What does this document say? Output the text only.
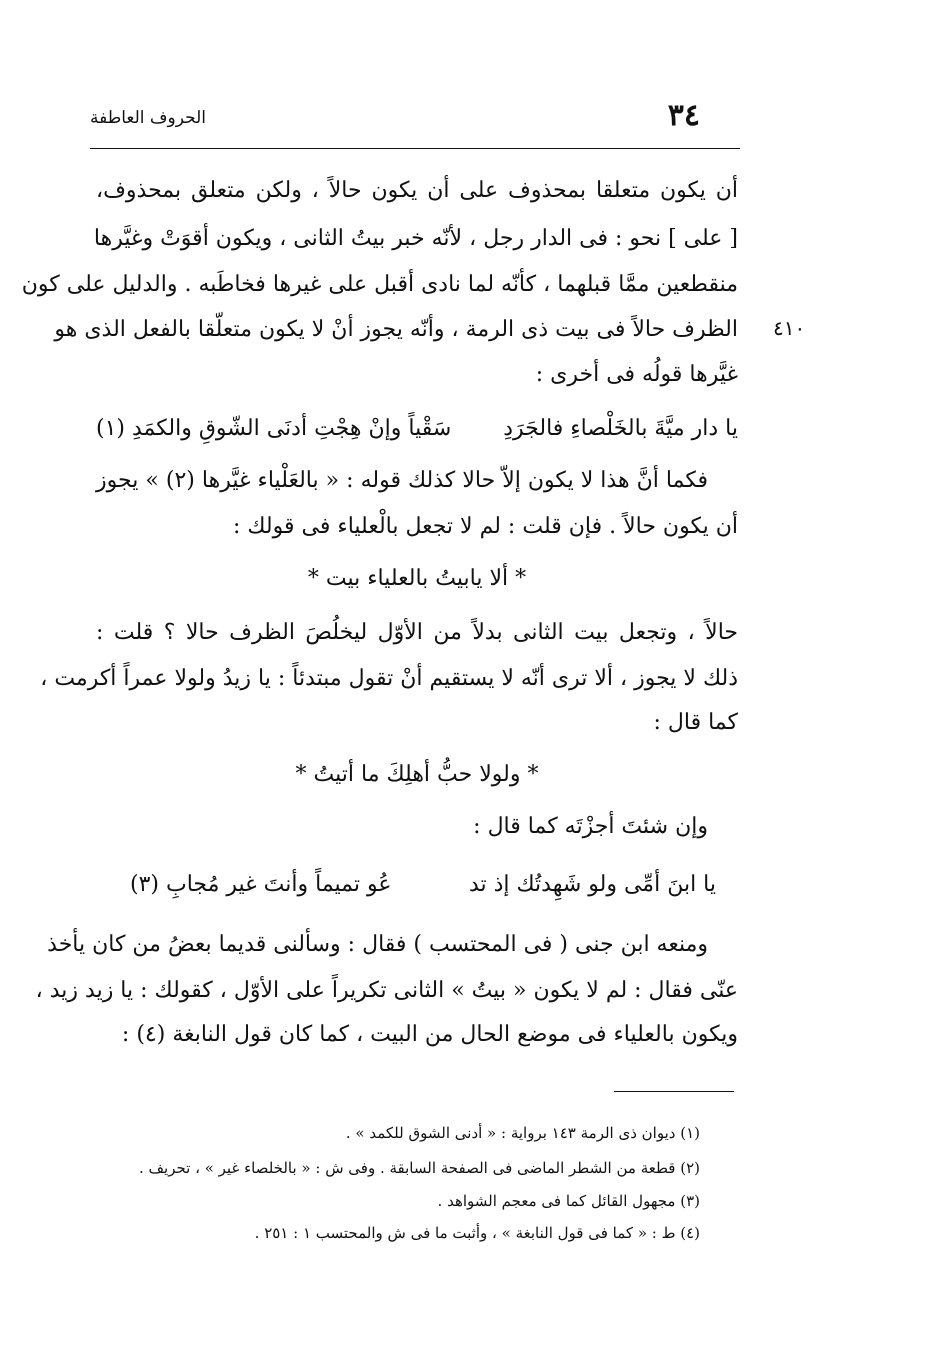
٣٤
الحروف العاطفة
٤١٠
أن يكون متعلقا بمحذوف على أن يكون حالاً ، ولكن متعلق بمحذوف،
[ على ] نحو : فى الدار رجل ، لأنّه خبر بيتُ الثانى ، ويكون أقوَتْ وغيَّرها
منقطعين ممَّا قبلهما ، كأنّه لما نادى أقبل على غيرها فخاطَبه . والدليل على كون
الظرف حالاً فى بيت ذى الرمة ، وأنّه يجوز أنْ لا يكون متعلّقا بالفعل الذى هو
غيَّرها قولُه فى أخرى :
يا دار ميَّةَ بالخَلْصاءِ فالجَرَدِ
سَقْياً وإنْ هِجْتِ أدنَى الشّوقِ والكمَدِ (١)
فكما أنَّ هذا لا يكون إلاّ حالا كذلك قوله : « بالعَلْياء غيَّرها (٢) » يجوز
أن يكون حالاً . فإن قلت : لم لا تجعل بالْعلياء فى قولك :
* ألا يابيتُ بالعلياء بيت *
حالاً ، وتجعل بيت الثانى بدلاً من الأوّل ليخلُصَ الظرف حالا ؟ قلت :
ذلك لا يجوز ، ألا ترى أنّه لا يستقيم أنْ تقول مبتدئاً : يا زيدُ ولولا عمراً أكرمت ،
كما قال :
* ولولا حبُّ أهلِكَ ما أتيتُ *
وإن شئتَ أجزْتَه كما قال :
يا ابنَ أمِّى ولو شَهِدتُك إذ تد
عُو تميماً وأنتَ غير مُجابِ (٣)
ومنعه ابن جنى ( فى المحتسب ) فقال : وسألنى قديما بعضُ من كان يأخذ
عنّى فقال : لم لا يكون « بيتُ » الثانى تكريراً على الأوّل ، كقولك : يا زيد زيد ،
ويكون بالعلياء فى موضع الحال من البيت ، كما كان قول النابغة (٤) :
(١) ديوان ذى الرمة ١٤٣ برواية : « أدنى الشوق للكمد » .
(٢) قطعة من الشطر الماضى فى الصفحة السابقة . وفى ش : « بالخلصاء غير » ، تحريف .
(٣) مجهول القائل كما فى معجم الشواهد .
(٤) ط : « كما فى قول النابغة » ، وأثبت ما فى ش والمحتسب ١ : ٢٥١ .
